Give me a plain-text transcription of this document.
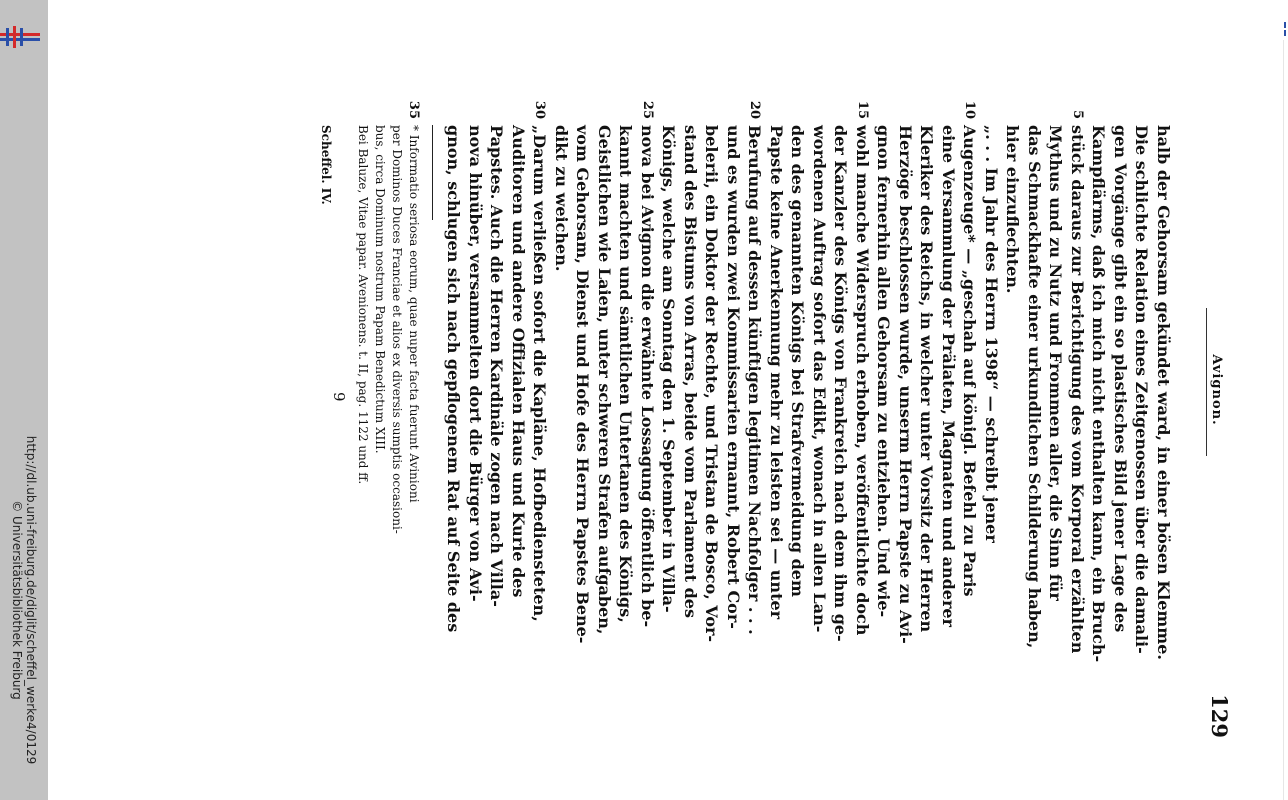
http://dl.ub.uni-freiburg.de/diglit/scheffel_werke4/0129
© Universitätsbibliothek Freiburg
129
Avignon.
halb der Gehorsam gekündet ward, in einer bösen Klemme.
Die schlichte Relation eines Zeitgenossen über die damali-
gen Vorgänge gibt ein so plastisches Bild jener Lage des
Kampflärms, daß ich mich nicht enthalten kann, ein Bruch-
5
stück daraus zur Berichtigung des vom Korporal erzählten
Mythus und zu Nutz und Frommen aller, die Sinn für
das Schmackhafte einer urkundlichen Schilderung haben,
hier einzuflechten.
„. . . Im Jahr des Herrn 1398“ — schreibt jener
10
Augenzeuge* — „geschah auf königl. Befehl zu Paris
eine Versammlung der Prälaten, Magnaten und anderer
Kleriker des Reichs, in welcher unter Vorsitz der Herren
Herzöge beschlossen wurde, unserm Herrn Papste zu Avi-
gnon fernerhin allen Gehorsam zu entziehen. Und wie-
15
wohl manche Widerspruch erhoben, veröffentlichte doch
der Kanzler des Königs von Frankreich nach dem ihm ge-
wordenen Auftrag sofort das Edikt, wonach in allen Lan-
den des genannten Königs bei Strafvermeidung dem
Papste keine Anerkennung mehr zu leisten sei — unter
20
Berufung auf dessen künftigen legitimen Nachfolger . . .
und es wurden zwei Kommissarien ernannt, Robert Cor-
belerii, ein Doktor der Rechte, und Tristan de Bosco, Vor-
stand des Bistums von Arras, beide vom Parlament des
Königs, welche am Sonntag den 1. September in Villa-
25
nova bei Avignon die erwähnte Lossagung öffentlich be-
kannt machten und sämtlichen Untertanen des Königs,
Geistlichen wie Laien, unter schweren Strafen aufgaben,
vom Gehorsam, Dienst und Hofe des Herrn Papstes Bene-
dikt zu weichen.
30
„Darum verließen sofort die Kapläne, Hofbediensteten,
Auditoren und andere Offizialen Haus und Kurie des
Papstes. Auch die Herren Kardinäle zogen nach Villa-
nova hinüber, versammelten dort die Bürger von Avi-
gnon, schlugen sich nach gepflogenem Rat auf Seite des
35
* Informatio seriosa eorum, quae nuper facta fuerunt Avinioni
per Dominos Duces Franciae et alios ex diversis sumptis occasioni-
bus, circa Dominum nostrum Papam Benedictum XIII.
Bei Baluze, Vitae papar. Avenionens. t. II, pag. 1122 und ff.
Scheffel. IV.
9
